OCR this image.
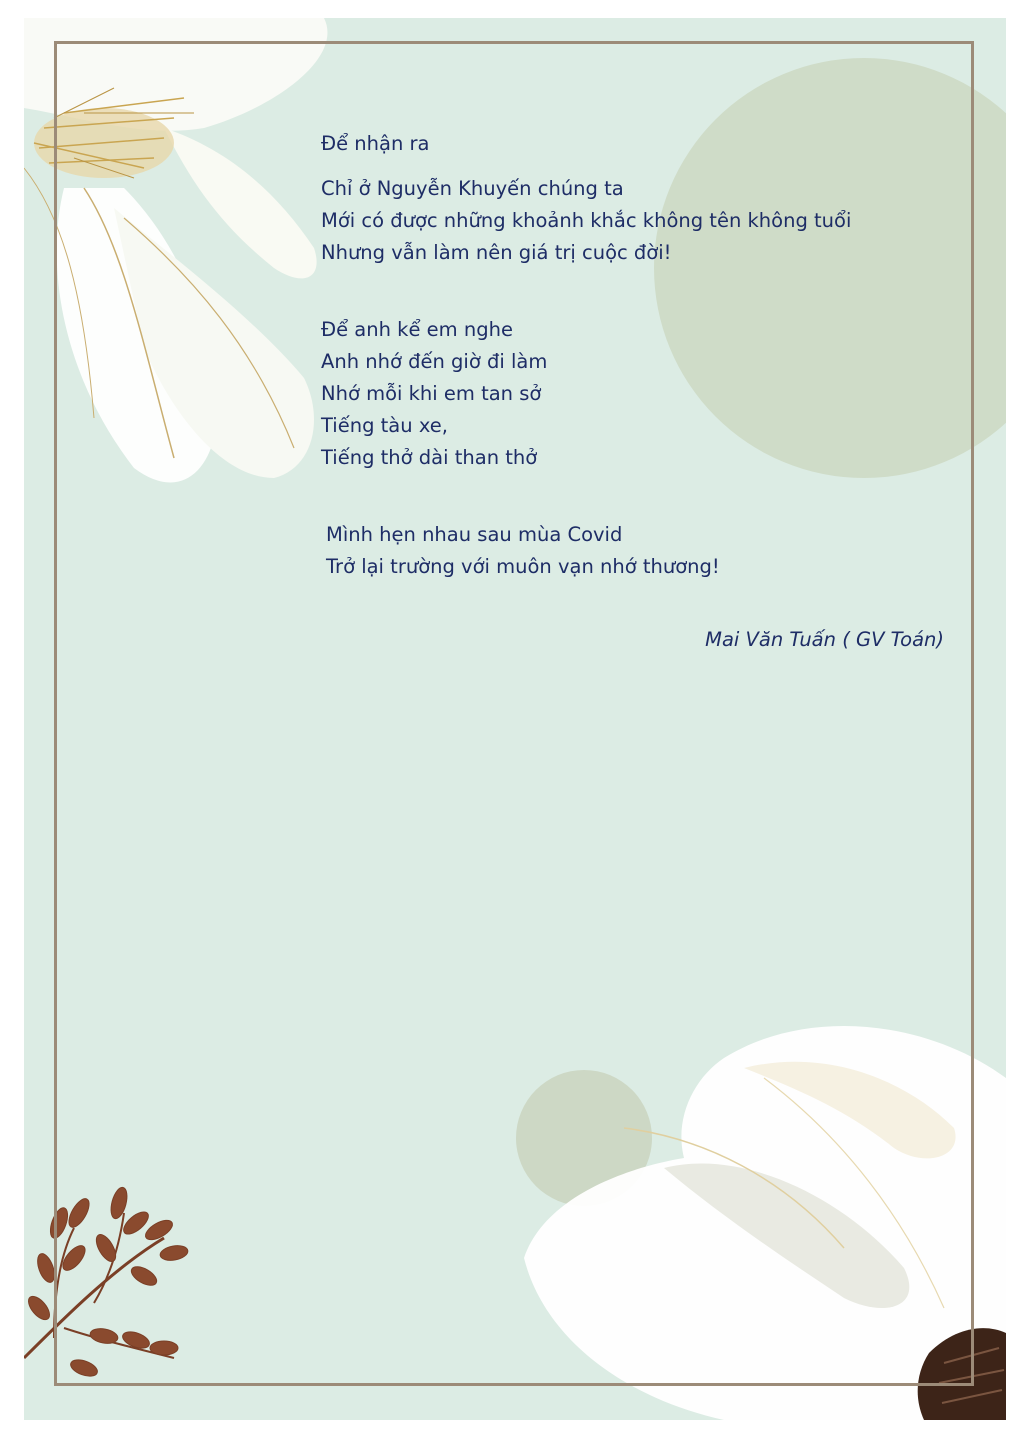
Để nhận ra
Chỉ ở Nguyễn Khuyến chúng ta
Mới có được những khoảnh khắc không tên không tuổi
Nhưng vẫn làm nên giá trị cuộc đời!
Để anh kể em nghe
Anh nhớ đến giờ đi làm
Nhớ mỗi khi em tan sở
Tiếng tàu xe,
Tiếng thở dài than thở
Mình hẹn nhau sau mùa Covid
Trở lại trường với muôn vạn nhớ thương!
Mai Văn Tuấn ( GV Toán)
